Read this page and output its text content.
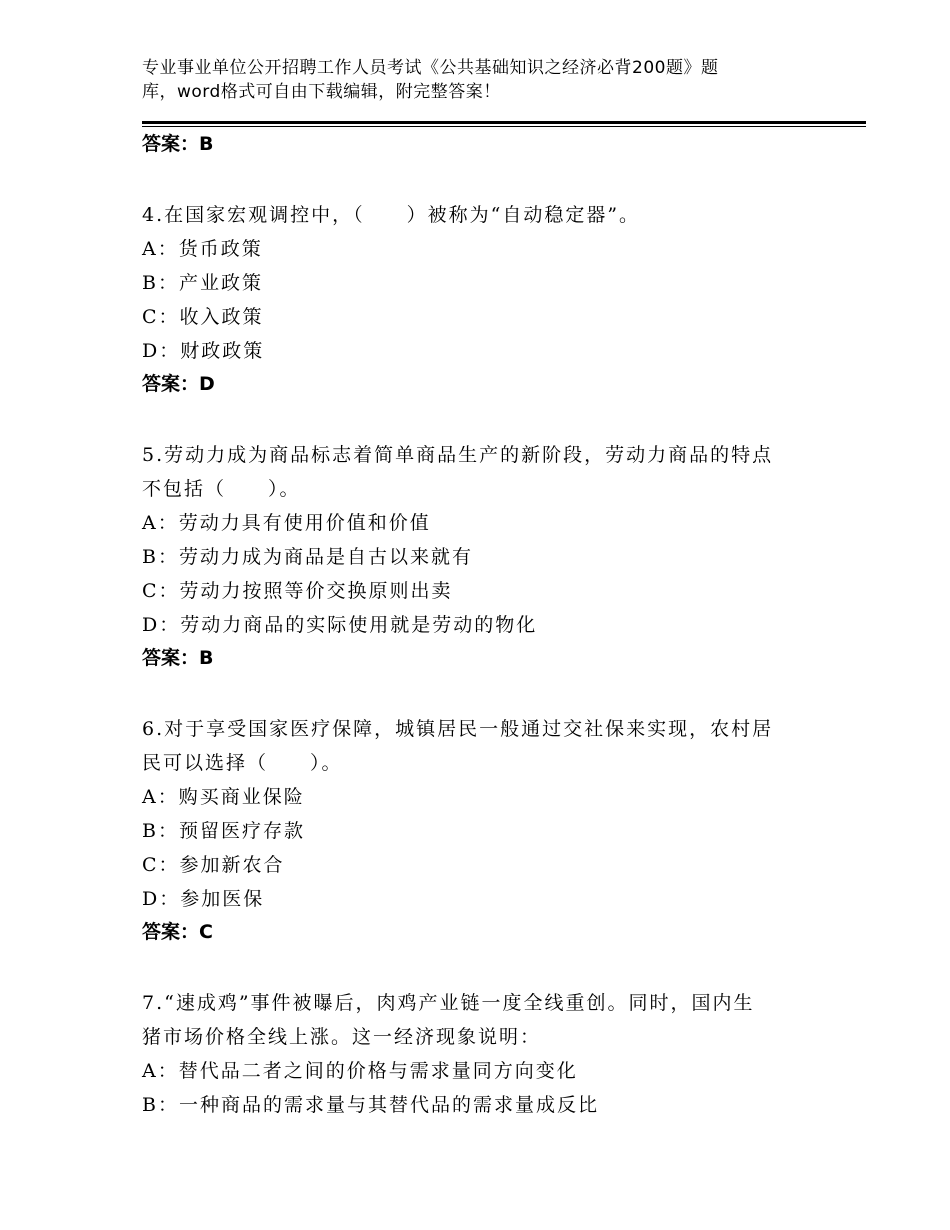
专业事业单位公开招聘工作人员考试《公共基础知识之经济必背200题》题
库，word格式可自由下载编辑，附完整答案！
答案：B
4.在国家宏观调控中，（　　）被称为“自动稳定器”。
A：货币政策
B：产业政策
C：收入政策
D：财政政策
答案：D
5.劳动力成为商品标志着简单商品生产的新阶段，劳动力商品的特点
不包括（　　）。
A：劳动力具有使用价值和价值
B：劳动力成为商品是自古以来就有
C：劳动力按照等价交换原则出卖
D：劳动力商品的实际使用就是劳动的物化
答案：B
6.对于享受国家医疗保障，城镇居民一般通过交社保来实现，农村居
民可以选择（　　）。
A：购买商业保险
B：预留医疗存款
C：参加新农合
D：参加医保
答案：C
7.“速成鸡”事件被曝后，肉鸡产业链一度全线重创。同时，国内生
猪市场价格全线上涨。这一经济现象说明：
A：替代品二者之间的价格与需求量同方向变化
B：一种商品的需求量与其替代品的需求量成反比
